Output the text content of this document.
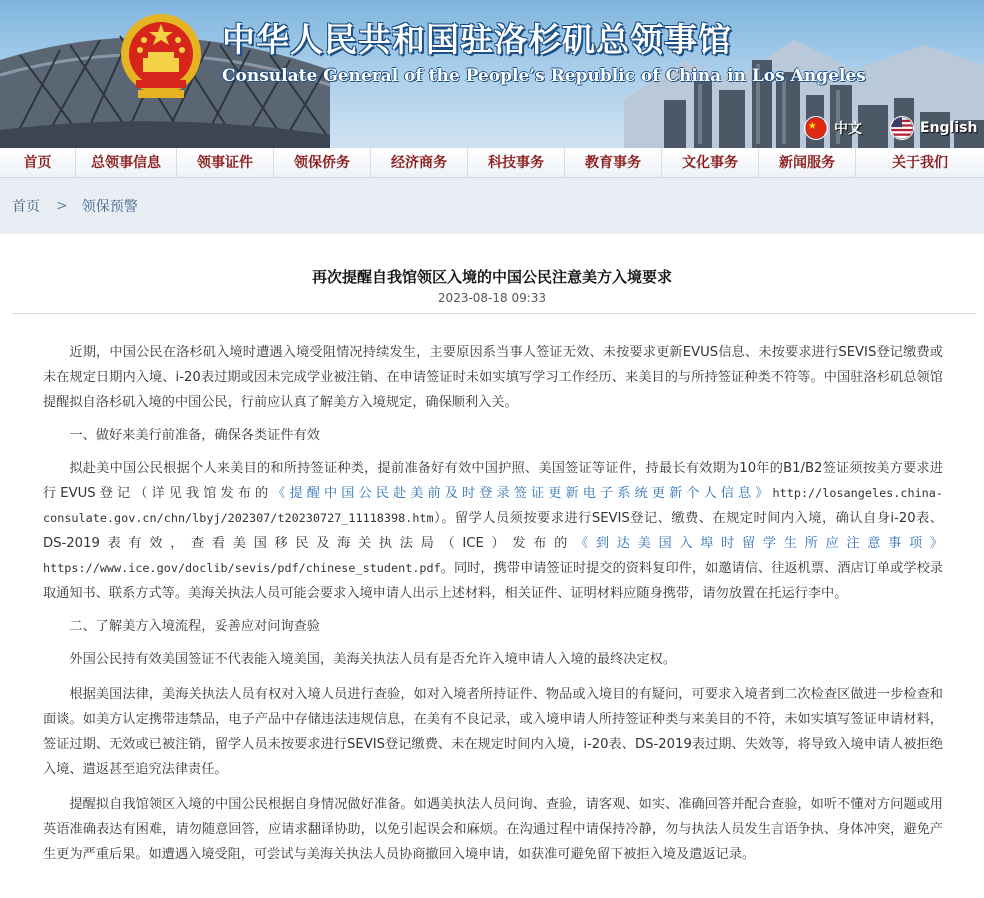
中华人民共和国驻洛杉矶总领事馆
Consulate General of the People’s Republic of China in Los Angeles
中文	English
首页	总领事信息	领事证件	领保侨务	经济商务	科技事务	教育事务	文化事务	新闻服务	关于我们
首页 > 领保预警
再次提醒自我馆领区入境的中国公民注意美方入境要求
2023-08-18 09:33

近期，中国公民在洛杉矶入境时遭遇入境受阻情况持续发生，主要原因系当事人签证无效、未按要求更新EVUS信息、未按要求进行SEVIS登记缴费或未在规定日期内入境、i-20表过期或因未完成学业被注销、在申请签证时未如实填写学习工作经历、来美目的与所持签证种类不符等。中国驻洛杉矶总领馆提醒拟自洛杉矶入境的中国公民，行前应认真了解美方入境规定，确保顺利入关。

一、做好来美行前准备，确保各类证件有效

拟赴美中国公民根据个人来美目的和所持签证种类，提前准备好有效中国护照、美国签证等证件，持最长有效期为10年的B1/B2签证须按美方要求进行EVUS登记（详见我馆发布的《提醒中国公民赴美前及时登录签证更新电子系统更新个人信息》http://losangeles.china-consulate.gov.cn/chn/lbyj/202307/t20230727_11118398.htm）。留学人员须按要求进行SEVIS登记、缴费、在规定时间内入境，确认自身i-20表、DS-2019表有效，查看美国移民及海关执法局（ICE）发布的《到达美国入埠时留学生所应注意事项》https://www.ice.gov/doclib/sevis/pdf/chinese_student.pdf。同时，携带申请签证时提交的资料复印件，如邀请信、往返机票、酒店订单或学校录取通知书、联系方式等。美海关执法人员可能会要求入境申请人出示上述材料，相关证件、证明材料应随身携带，请勿放置在托运行李中。

二、了解美方入境流程，妥善应对问询查验

外国公民持有效美国签证不代表能入境美国，美海关执法人员有是否允许入境申请人入境的最终决定权。

根据美国法律，美海关执法人员有权对入境人员进行查验，如对入境者所持证件、物品或入境目的有疑问，可要求入境者到二次检查区做进一步检查和面谈。如美方认定携带违禁品，电子产品中存储违法违规信息，在美有不良记录，或入境申请人所持签证种类与来美目的不符，未如实填写签证申请材料，签证过期、无效或已被注销，留学人员未按要求进行SEVIS登记缴费、未在规定时间内入境，i-20表、DS-2019表过期、失效等，将导致入境申请人被拒绝入境、遣返甚至追究法律责任。

提醒拟自我馆领区入境的中国公民根据自身情况做好准备。如遇美执法人员问询、查验，请客观、如实、准确回答并配合查验，如听不懂对方问题或用英语准确表达有困难，请勿随意回答，应请求翻译协助，以免引起误会和麻烦。在沟通过程中请保持冷静，勿与执法人员发生言语争执、身体冲突，避免产生更为严重后果。如遭遇入境受阻，可尝试与美海关执法人员协商撤回入境申请，如获准可避免留下被拒入境及遣返记录。
